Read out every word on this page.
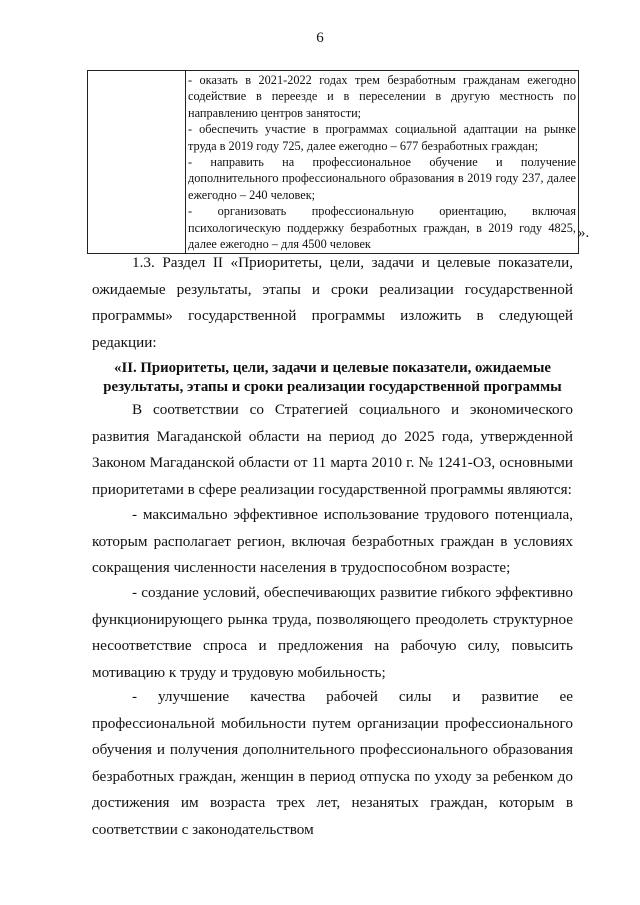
6

- оказать в 2021-2022 годах трем безработным гражданам ежегодно содействие в переезде и в переселении в другую местность по направлению центров занятости;

- обеспечить участие в программах социальной адаптации на рынке труда в 2019 году 725, далее ежегодно – 677 безработных граждан;

- направить на профессиональное обучение и получение дополнительного профессионального образования в 2019 году 237, далее ежегодно – 240 человек;

- организовать профессиональную ориентацию, включая психологическую поддержку безработных граждан, в 2019 году 4825, далее ежегодно – для 4500 человек

».

1.3. Раздел II «Приоритеты, цели, задачи и целевые показатели, ожидаемые результаты, этапы и сроки реализации государственной программы» государственной программы изложить в следующей редакции:

«II. Приоритеты, цели, задачи и целевые показатели, ожидаемые результаты, этапы и сроки реализации государственной программы

В соответствии со Стратегией социального и экономического развития Магаданской области на период до 2025 года, утвержденной Законом Магаданской области от 11 марта 2010 г. № 1241-ОЗ, основными приоритетами в сфере реализации государственной программы являются:

- максимально эффективное использование трудового потенциала, которым располагает регион, включая безработных граждан в условиях сокращения численности населения в трудоспособном возрасте;

- создание условий, обеспечивающих развитие гибкого эффективно функционирующего рынка труда, позволяющего преодолеть структурное несоответствие спроса и предложения на рабочую силу, повысить мотивацию к труду и трудовую мобильность;

- улучшение качества рабочей силы и развитие ее профессиональной мобильности путем организации профессионального обучения и получения дополнительного профессионального образования безработных граждан, женщин в период отпуска по уходу за ребенком до достижения им возраста трех лет, незанятых граждан, которым в соответствии с законодательством
